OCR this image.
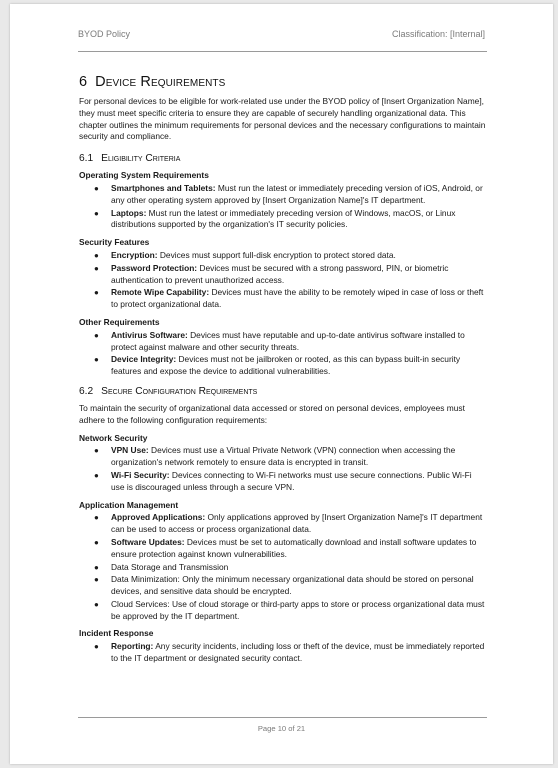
BYOD Policy	Classification: [Internal]
6 Device Requirements

For personal devices to be eligible for work-related use under the BYOD policy of [Insert Organization Name], they must meet specific criteria to ensure they are capable of securely handling organizational data. This chapter outlines the minimum requirements for personal devices and the necessary configurations to maintain security and compliance.

6.1 Eligibility Criteria
Operating System Requirements
● Smartphones and Tablets: Must run the latest or immediately preceding version of iOS, Android, or any other operating system approved by [Insert Organization Name]'s IT department.
● Laptops: Must run the latest or immediately preceding version of Windows, macOS, or Linux distributions supported by the organization's IT security policies.
Security Features
● Encryption: Devices must support full-disk encryption to protect stored data.
● Password Protection: Devices must be secured with a strong password, PIN, or biometric authentication to prevent unauthorized access.
● Remote Wipe Capability: Devices must have the ability to be remotely wiped in case of loss or theft to protect organizational data.
Other Requirements
● Antivirus Software: Devices must have reputable and up-to-date antivirus software installed to protect against malware and other security threats.
● Device Integrity: Devices must not be jailbroken or rooted, as this can bypass built-in security features and expose the device to additional vulnerabilities.
6.2 Secure Configuration Requirements

To maintain the security of organizational data accessed or stored on personal devices, employees must adhere to the following configuration requirements:

Network Security
● VPN Use: Devices must use a Virtual Private Network (VPN) connection when accessing the organization's network remotely to ensure data is encrypted in transit.
● Wi-Fi Security: Devices connecting to Wi-Fi networks must use secure connections. Public Wi-Fi use is discouraged unless through a secure VPN.
Application Management
● Approved Applications: Only applications approved by [Insert Organization Name]'s IT department can be used to access or process organizational data.
● Software Updates: Devices must be set to automatically download and install software updates to ensure protection against known vulnerabilities.
● Data Storage and Transmission
● Data Minimization: Only the minimum necessary organizational data should be stored on personal devices, and sensitive data should be encrypted.
● Cloud Services: Use of cloud storage or third-party apps to store or process organizational data must be approved by the IT department.
Incident Response
● Reporting: Any security incidents, including loss or theft of the device, must be immediately reported to the IT department or designated security contact.
Page 10 of 21
